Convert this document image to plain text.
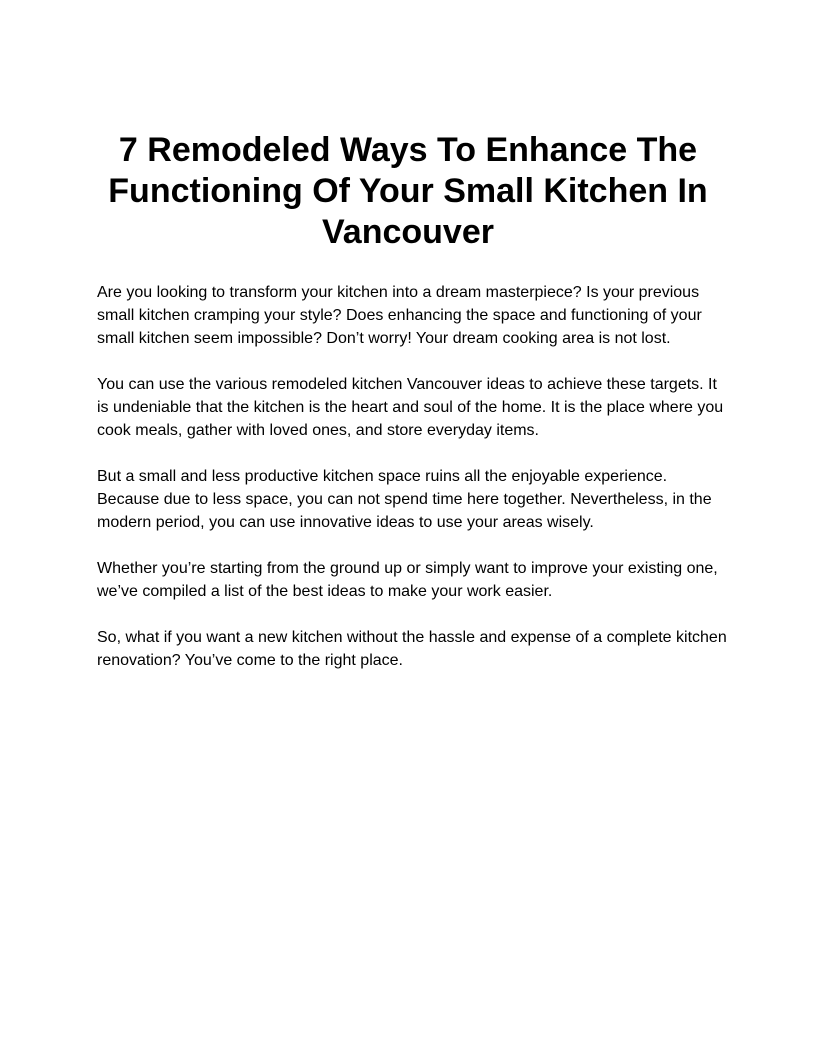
7 Remodeled Ways To Enhance The Functioning Of Your Small Kitchen In Vancouver

Are you looking to transform your kitchen into a dream masterpiece? Is your previous small kitchen cramping your style? Does enhancing the space and functioning of your small kitchen seem impossible? Don’t worry! Your dream cooking area is not lost.

You can use the various remodeled kitchen Vancouver ideas to achieve these targets. It is undeniable that the kitchen is the heart and soul of the home. It is the place where you cook meals, gather with loved ones, and store everyday items.

But a small and less productive kitchen space ruins all the enjoyable experience. Because due to less space, you can not spend time here together. Nevertheless, in the modern period, you can use innovative ideas to use your areas wisely.

Whether you’re starting from the ground up or simply want to improve your existing one, we’ve compiled a list of the best ideas to make your work easier.

So, what if you want a new kitchen without the hassle and expense of a complete kitchen renovation? You’ve come to the right place.
